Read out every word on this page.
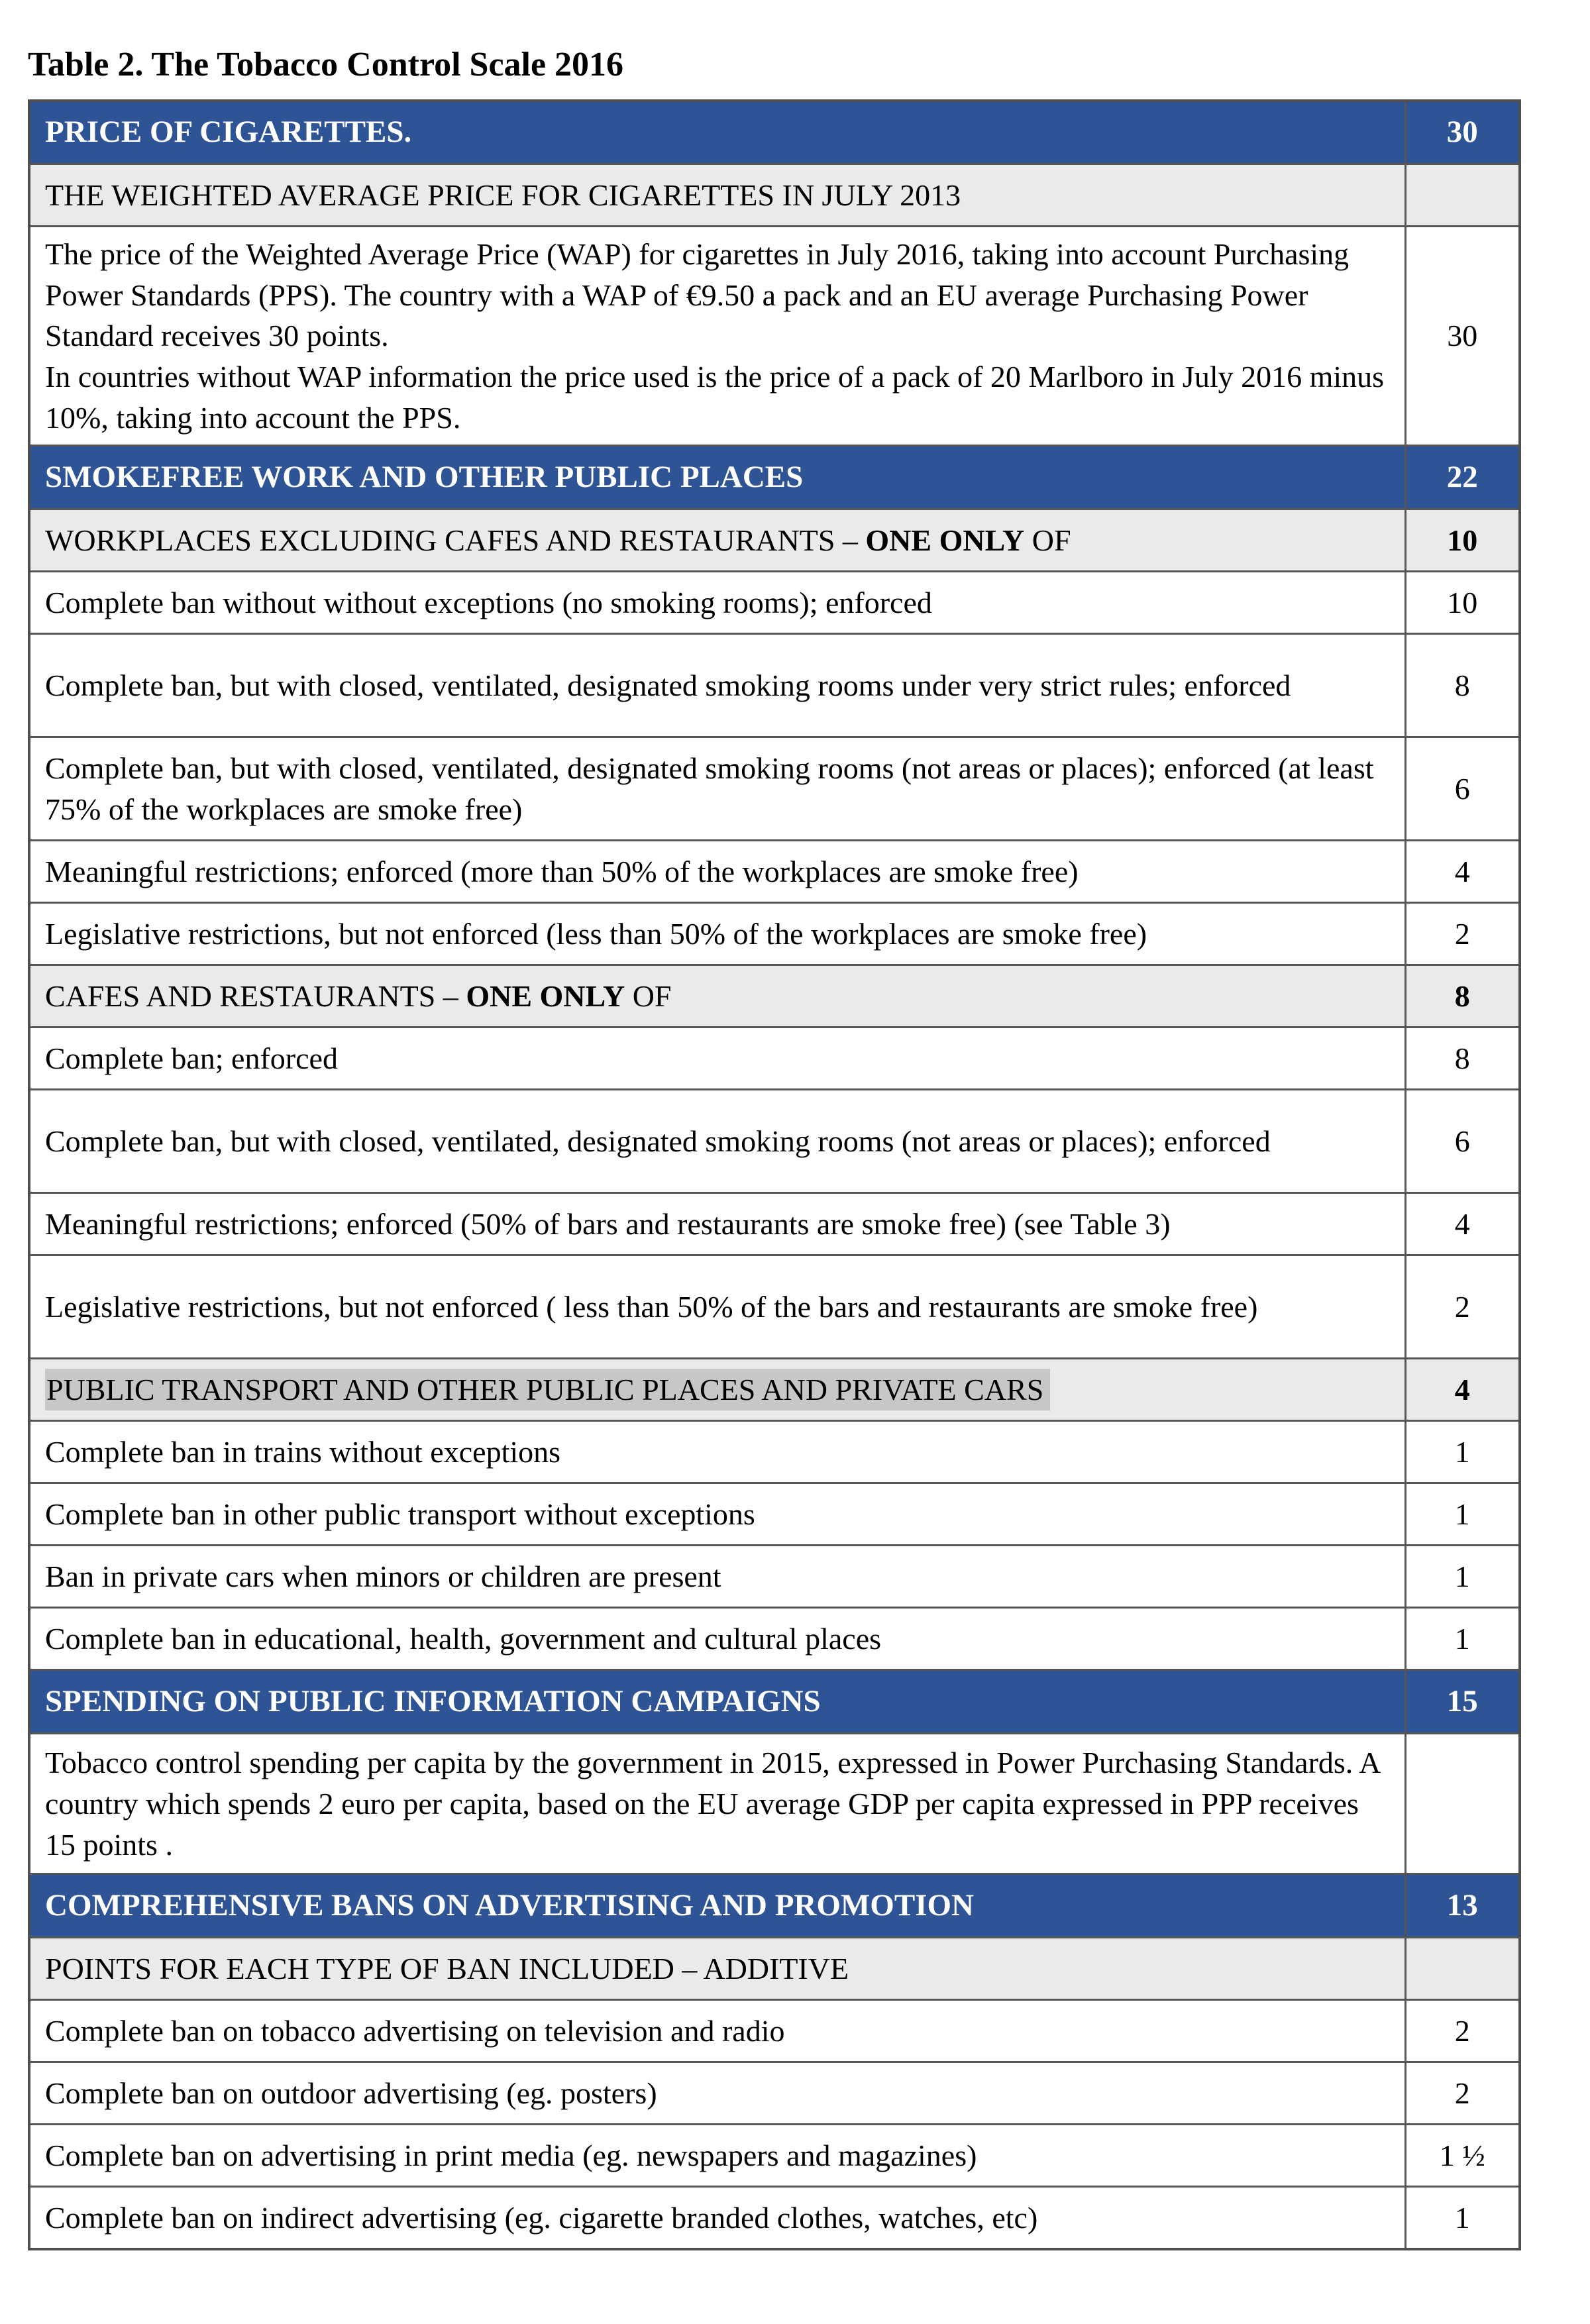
Table 2. The Tobacco Control Scale 2016
PRICE OF CIGARETTES.	30
THE WEIGHTED AVERAGE PRICE FOR CIGARETTES IN JULY 2013	

The price of the Weighted Average Price (WAP) for cigarettes in July 2016, taking into account Purchasing Power Standards (PPS). The country with a WAP of €9.50 a pack and an EU average Purchasing Power Standard receives 30 points.

In countries without WAP information the price used is the price of a pack of 20 Marlboro in July 2016 minus 10%, taking into account the PPS.	30
SMOKEFREE WORK AND OTHER PUBLIC PLACES	22
WORKPLACES EXCLUDING CAFES AND RESTAURANTS – ONE ONLY OF	10
Complete ban without without exceptions (no smoking rooms); enforced	10
Complete ban, but with closed, ventilated, designated smoking rooms under very strict rules; enforced	8
Complete ban, but with closed, ventilated, designated smoking rooms (not areas or places); enforced (at least 75% of the workplaces are smoke free)	6
Meaningful restrictions; enforced (more than 50% of the workplaces are smoke free)	4
Legislative restrictions, but not enforced (less than 50% of the workplaces are smoke free)	2
CAFES AND RESTAURANTS – ONE ONLY OF	8
Complete ban; enforced	8
Complete ban, but with closed, ventilated, designated smoking rooms (not areas or places); enforced	6
Meaningful restrictions; enforced (50% of bars and restaurants are smoke free) (see Table 3)	4
Legislative restrictions, but not enforced ( less than 50% of the bars and restaurants are smoke free)	2
PUBLIC TRANSPORT AND OTHER PUBLIC PLACES AND PRIVATE CARS	4
Complete ban in trains without exceptions	1
Complete ban in other public transport without exceptions	1
Ban in private cars when minors or children are present	1
Complete ban in educational, health, government and cultural places	1
SPENDING ON PUBLIC INFORMATION CAMPAIGNS	15

Tobacco control spending per capita by the government in 2015, expressed in Power Purchasing Standards. A country which spends 2 euro per capita, based on the EU average GDP per capita expressed in PPP receives 15 points .	

COMPREHENSIVE BANS ON ADVERTISING AND PROMOTION	13
POINTS FOR EACH TYPE OF BAN INCLUDED – ADDITIVE	
Complete ban on tobacco advertising on television and radio	2
Complete ban on outdoor advertising (eg. posters)	2
Complete ban on advertising in print media (eg. newspapers and magazines)	1 ½
Complete ban on indirect advertising (eg. cigarette branded clothes, watches, etc)	1
